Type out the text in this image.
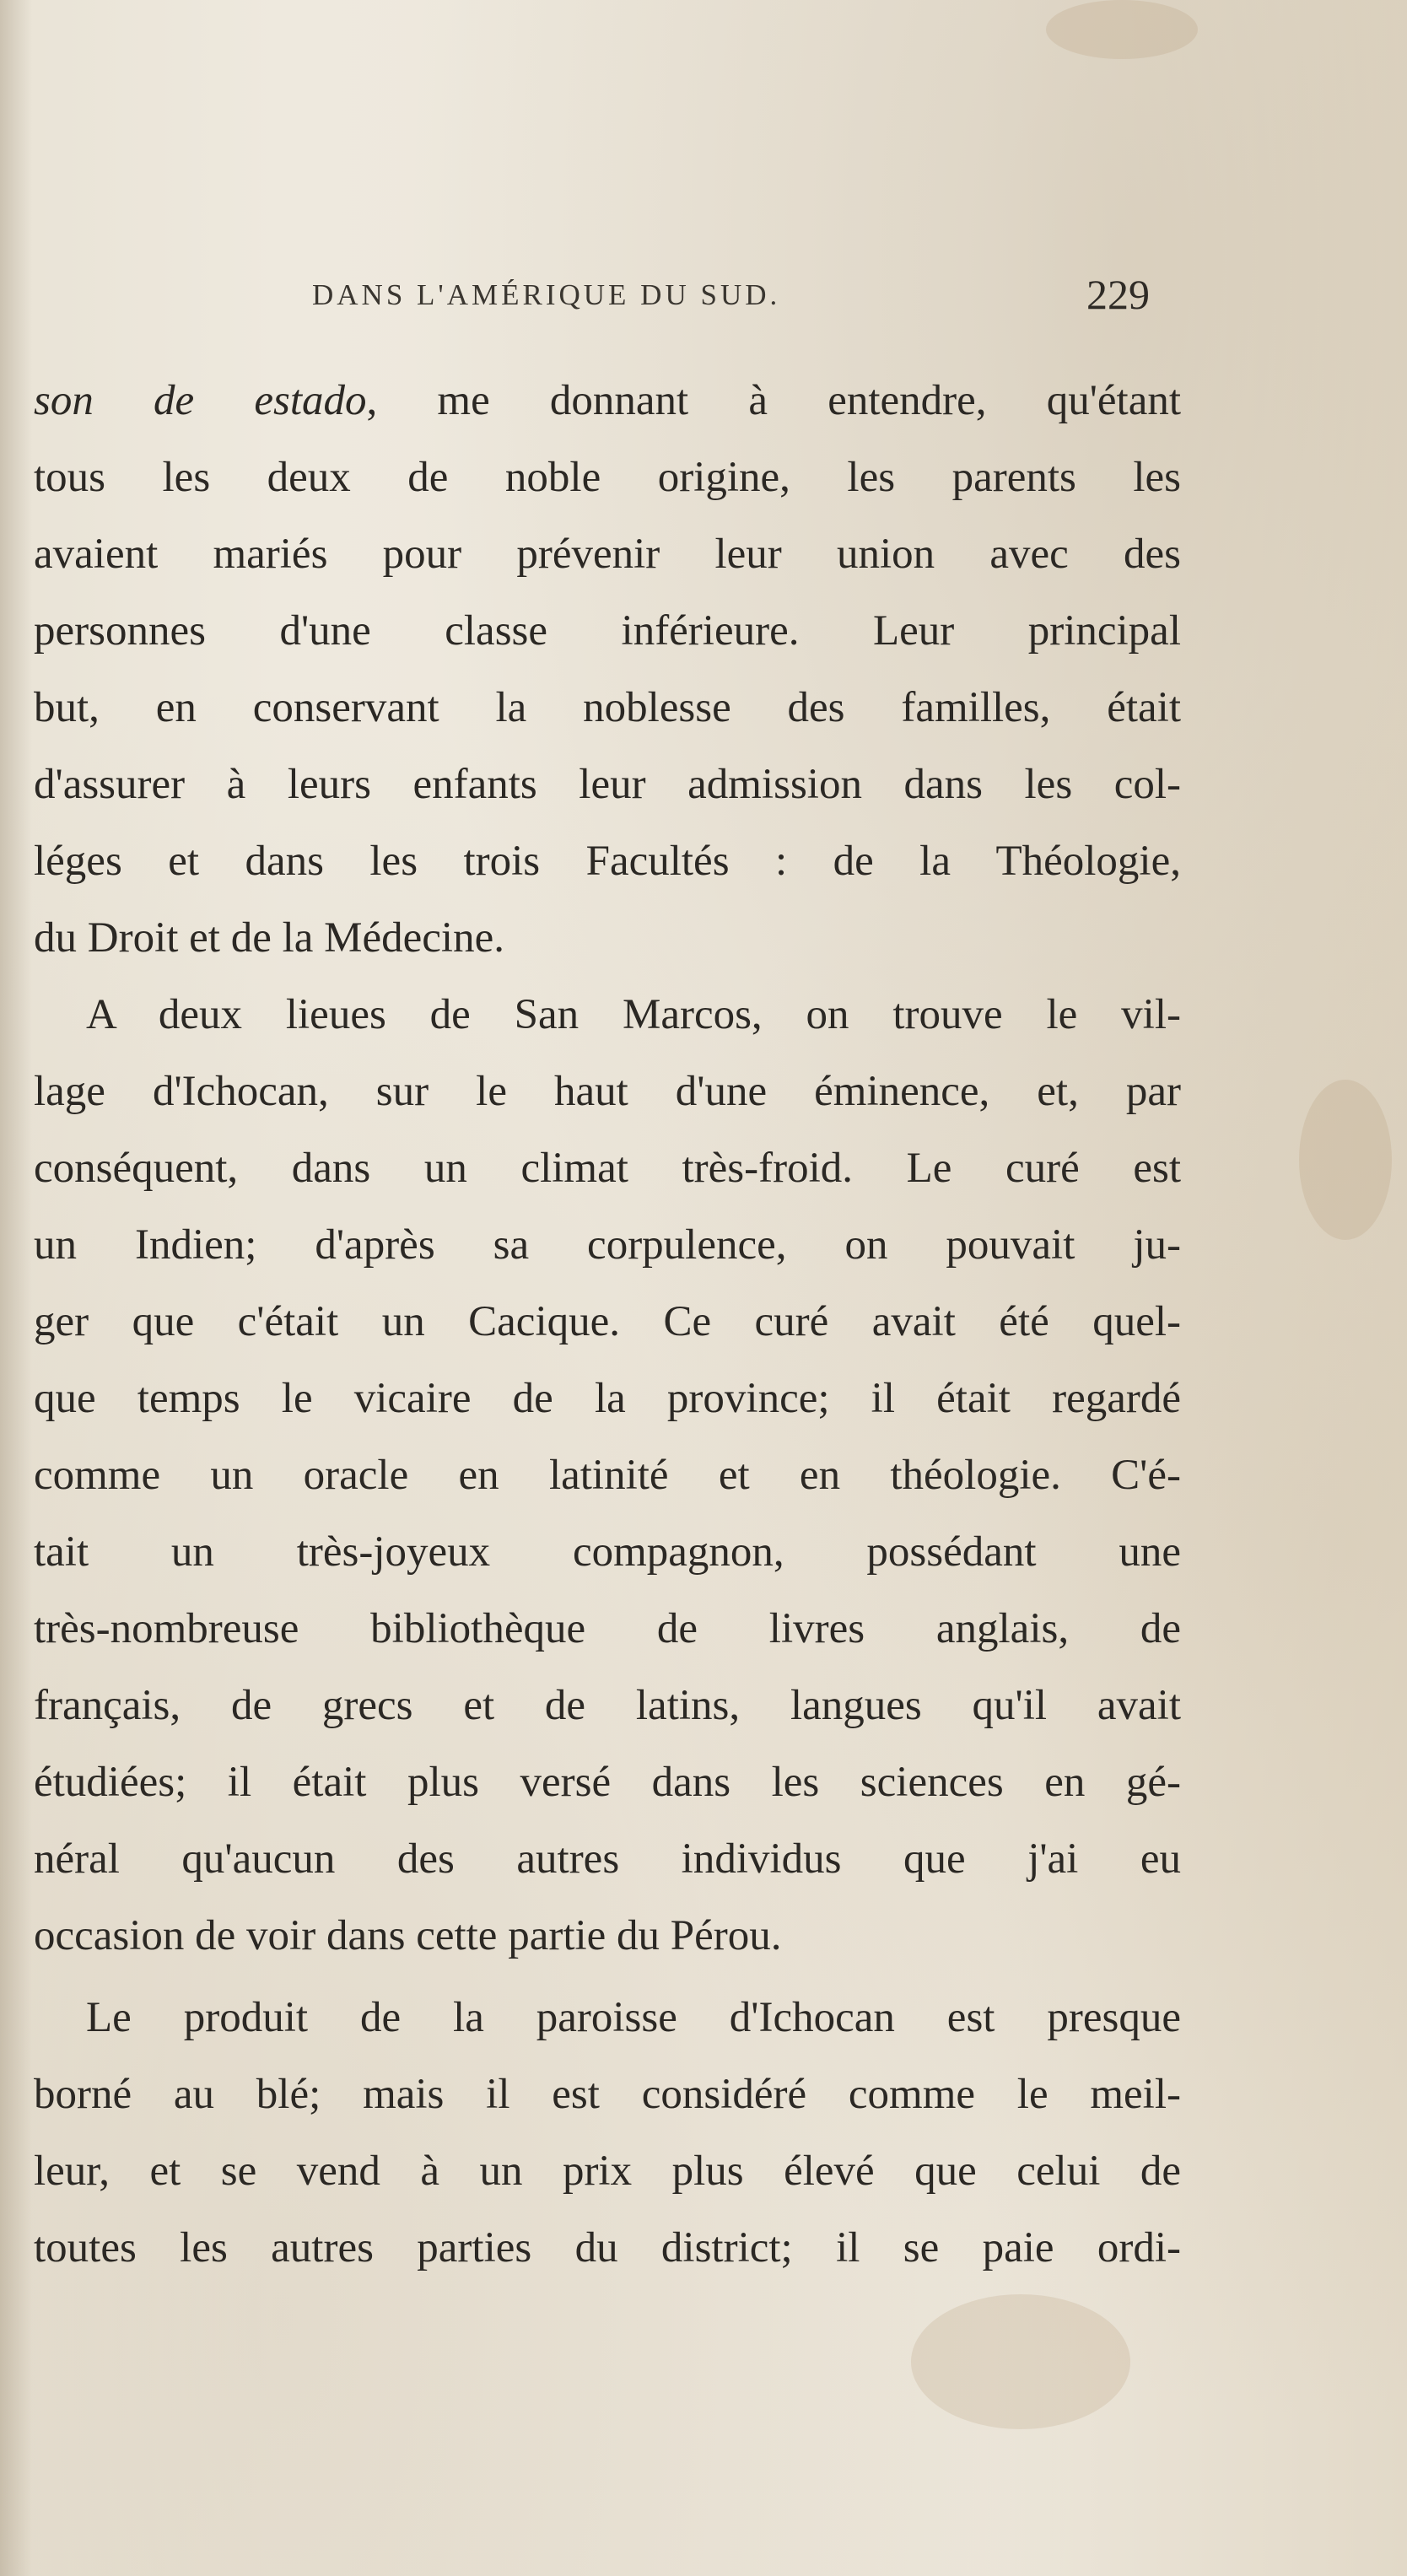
DANS L'AMÉRIQUE DU SUD.	229
son de estado, me donnant à entendre, qu'étant
tous les deux de noble origine, les parents les
avaient mariés pour prévenir leur union avec des
personnes d'une classe inférieure. Leur principal
but, en conservant la noblesse des familles, était
d'assurer à leurs enfants leur admission dans les col-
léges et dans les trois Facultés : de la Théologie,
du Droit et de la Médecine.
A deux lieues de San Marcos, on trouve le vil-
lage d'Ichocan, sur le haut d'une éminence, et, par
conséquent, dans un climat très-froid. Le curé est
un Indien; d'après sa corpulence, on pouvait ju-
ger que c'était un Cacique. Ce curé avait été quel-
que temps le vicaire de la province; il était regardé
comme un oracle en latinité et en théologie. C'é-
tait un très-joyeux compagnon, possédant une
très-nombreuse bibliothèque de livres anglais, de
français, de grecs et de latins, langues qu'il avait
étudiées; il était plus versé dans les sciences en gé-
néral qu'aucun des autres individus que j'ai eu
occasion de voir dans cette partie du Pérou.
Le produit de la paroisse d'Ichocan est presque
borné au blé; mais il est considéré comme le meil-
leur, et se vend à un prix plus élevé que celui de
toutes les autres parties du district; il se paie ordi-
